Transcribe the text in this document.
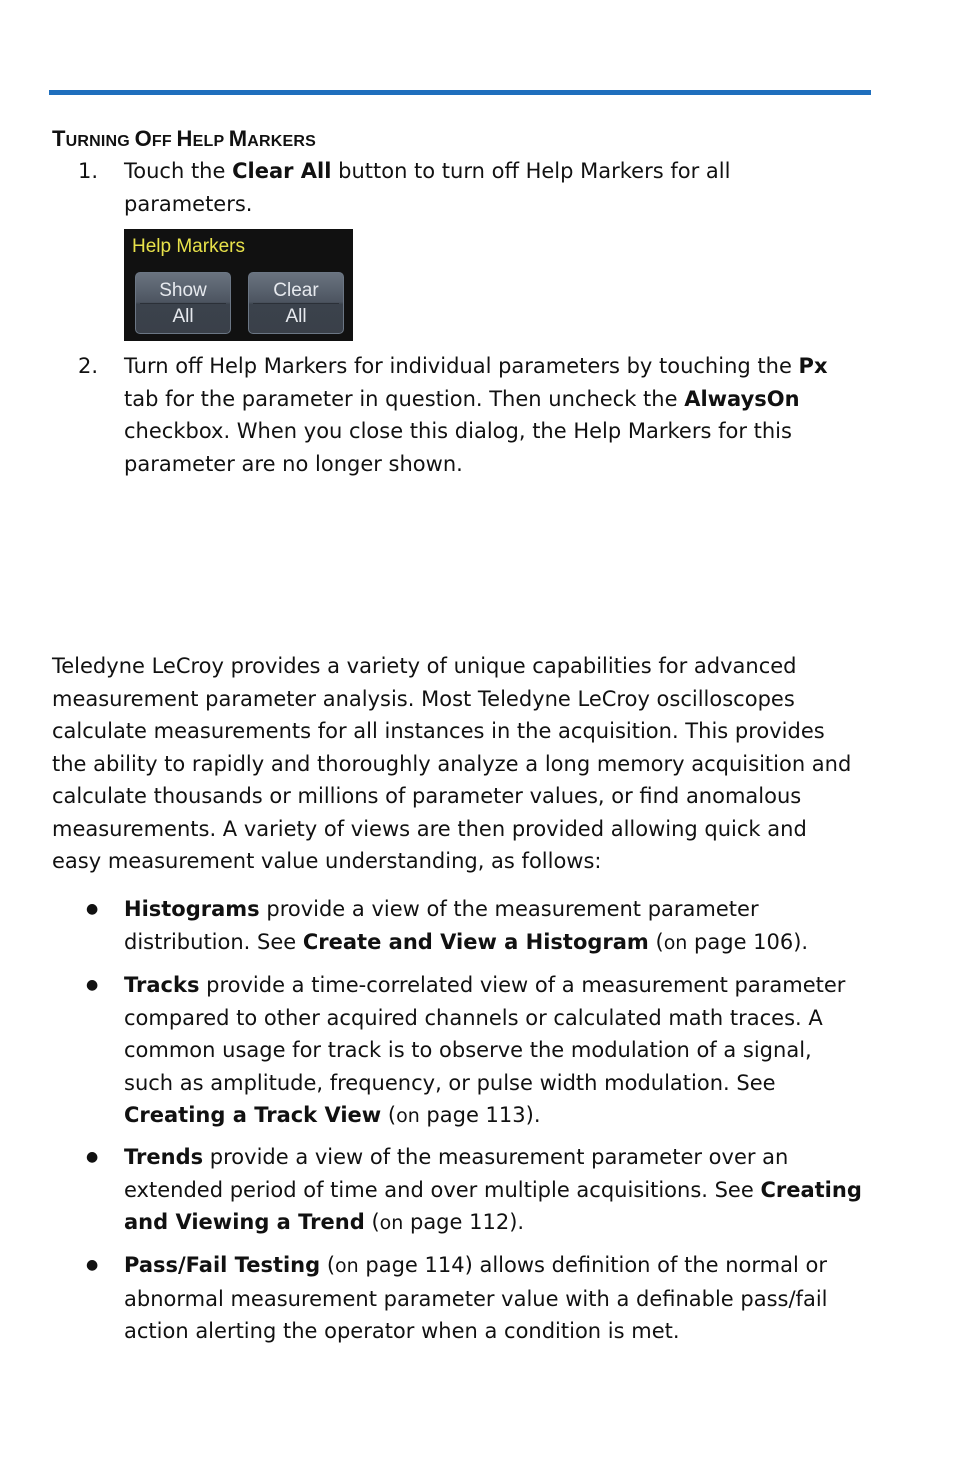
TURNING OFF HELP MARKERS
1. Touch the Clear All button to turn off Help Markers for all
parameters.
Help Markers
Show
All
Clear
All
2. Turn off Help Markers for individual parameters by touching the Px
tab for the parameter in question. Then uncheck the AlwaysOn
checkbox. When you close this dialog, the Help Markers for this
parameter are no longer shown.
Teledyne LeCroy provides a variety of unique capabilities for advanced
measurement parameter analysis. Most Teledyne LeCroy oscilloscopes
calculate measurements for all instances in the acquisition. This provides
the ability to rapidly and thoroughly analyze a long memory acquisition and
calculate thousands or millions of parameter values, or find anomalous
measurements. A variety of views are then provided allowing quick and
easy measurement value understanding, as follows:
● Histograms provide a view of the measurement parameter
distribution. See Create and View a Histogram (on page 106).
● Tracks provide a time-correlated view of a measurement parameter
compared to other acquired channels or calculated math traces. A
common usage for track is to observe the modulation of a signal,
such as amplitude, frequency, or pulse width modulation. See
Creating a Track View (on page 113).
● Trends provide a view of the measurement parameter over an
extended period of time and over multiple acquisitions. See Creating
and Viewing a Trend (on page 112).
● Pass/Fail Testing (on page 114) allows definition of the normal or
abnormal measurement parameter value with a definable pass/fail
action alerting the operator when a condition is met.
